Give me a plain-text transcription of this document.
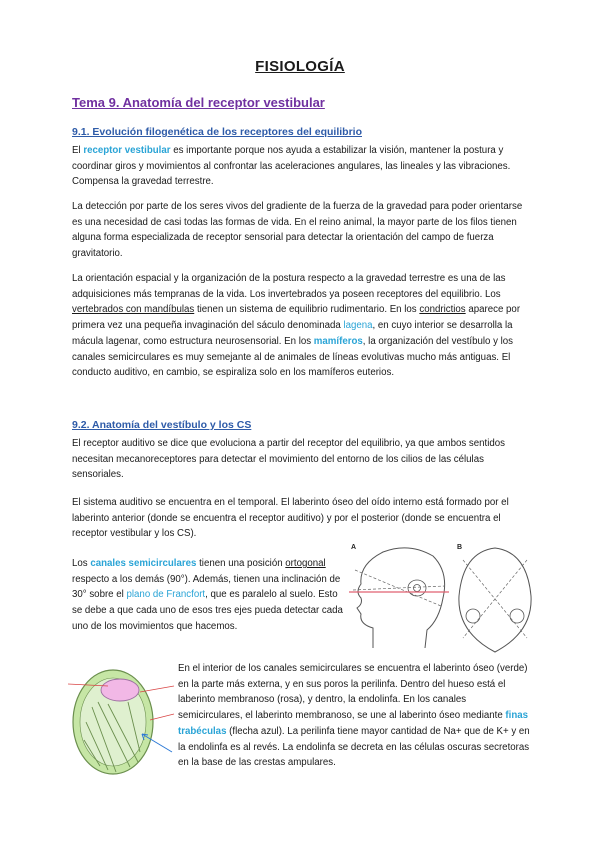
FISIOLOGÍA
Tema 9. Anatomía del receptor vestibular
9.1. Evolución filogenética de los receptores del equilibrio

El receptor vestibular es importante porque nos ayuda a estabilizar la visión, mantener la postura y coordinar giros y movimientos al confrontar las aceleraciones angulares, las lineales y las vibraciones. Compensa la gravedad terrestre.

La detección por parte de los seres vivos del gradiente de la fuerza de la gravedad para poder orientarse es una necesidad de casi todas las formas de vida. En el reino animal, la mayor parte de los filos tienen alguna forma especializada de receptor sensorial para detectar la orientación del campo de fuerza gravitatorio.

La orientación espacial y la organización de la postura respecto a la gravedad terrestre es una de las adquisiciones más tempranas de la vida. Los invertebrados ya poseen receptores del equilibrio. Los vertebrados con mandíbulas tienen un sistema de equilibrio rudimentario. En los condrictios aparece por primera vez una pequeña invaginación del sáculo denominada lagena, en cuyo interior se desarrolla la mácula lagenar, como estructura neurosensorial. En los mamíferos, la organización del vestíbulo y los canales semicirculares es muy semejante al de animales de líneas evolutivas mucho más antiguas. El conducto auditivo, en cambio, se espiraliza solo en los mamíferos euterios.

9.2. Anatomía del vestíbulo y los CS

El receptor auditivo se dice que evoluciona a partir del receptor del equilibrio, ya que ambos sentidos necesitan mecanoreceptores para detectar el movimiento del entorno de los cilios de las células sensoriales.

El sistema auditivo se encuentra en el temporal. El laberinto óseo del oído interno está formado por el laberinto anterior (donde se encuentra el receptor auditivo) y por el posterior (donde se encuentra el receptor vestibular y los CS).

Los canales semicirculares tienen una posición ortogonal respecto a los demás (90°). Además, tienen una inclinación de 30° sobre el plano de Francfort, que es paralelo al suelo. Esto se debe a que cada uno de esos tres ejes pueda detectar cada uno de los movimientos que hacemos.

A	B

En el interior de los canales semicirculares se encuentra el laberinto óseo (verde) en la parte más externa, y en sus poros la perilinfa. Dentro del hueso está el laberinto membranoso (rosa), y dentro, la endolinfa. En los canales semicirculares, el laberinto membranoso, se une al laberinto óseo mediante finas trabéculas (flecha azul). La perilinfa tiene mayor cantidad de Na+ que de K+ y en la endolinfa es al revés. La endolinfa se decreta en las células oscuras secretoras en la base de las crestas ampulares.
